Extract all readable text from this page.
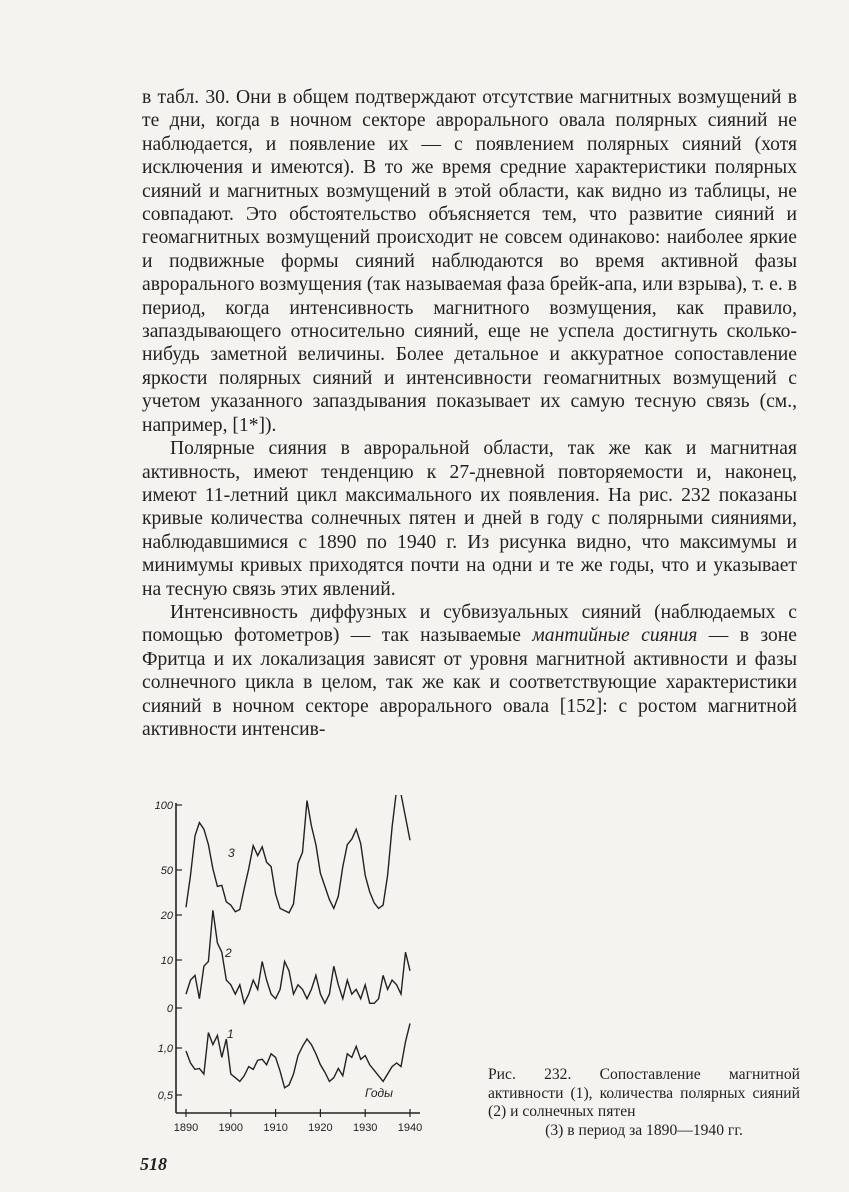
в табл. 30. Они в общем подтверждают отсутствие магнитных возмущений в те дни, когда в ночном секторе аврорального овала полярных сияний не наблюдается, и появление их — с появлением полярных сияний (хотя исключения и имеются). В то же время средние характеристики полярных сияний и магнитных возмущений в этой области, как видно из таблицы, не совпадают. Это обстоятельство объясняется тем, что развитие сияний и геомагнитных возмущений происходит не совсем одинаково: наиболее яркие и подвижные формы сияний наблюдаются во время активной фазы аврорального возмущения (так называемая фаза брейк-апа, или взрыва), т. е. в период, когда интенсивность магнитного возмущения, как правило, запаздывающего относительно сияний, еще не успела достигнуть сколько-нибудь заметной величины. Более детальное и аккуратное сопоставление яркости полярных сияний и интенсивности геомагнитных возмущений с учетом указанного запаздывания показывает их самую тесную связь (см., например, [1*]).

Полярные сияния в авроральной области, так же как и магнитная активность, имеют тенденцию к 27-дневной повторяемости и, наконец, имеют 11-летний цикл максимального их появления. На рис. 232 показаны кривые количества солнечных пятен и дней в году с полярными сияниями, наблюдавшимися с 1890 по 1940 г. Из рисунка видно, что максимумы и минимумы кривых приходятся почти на одни и те же годы, что и указывает на тесную связь этих явлений.

Интенсивность диффузных и субвизуальных сияний (наблюдаемых с помощью фотометров) — так называемые мантийные сияния — в зоне Фритца и их локализация зависят от уровня магнитной активности и фазы солнечного цикла в целом, так же как и соответствующие характеристики сияний в ночном секторе аврорального овала [152]: с ростом магнитной активности интенсив-

100
50
3
20
10
0
2
1,0
0,5
1
1890 1900 1910 1920 1930 1940
Годы
Рис. 232. Сопоставление магнитной активности (1), количества полярных сияний (2) и солнечных пятен
(3) в период за 1890—1940 гг.
518
